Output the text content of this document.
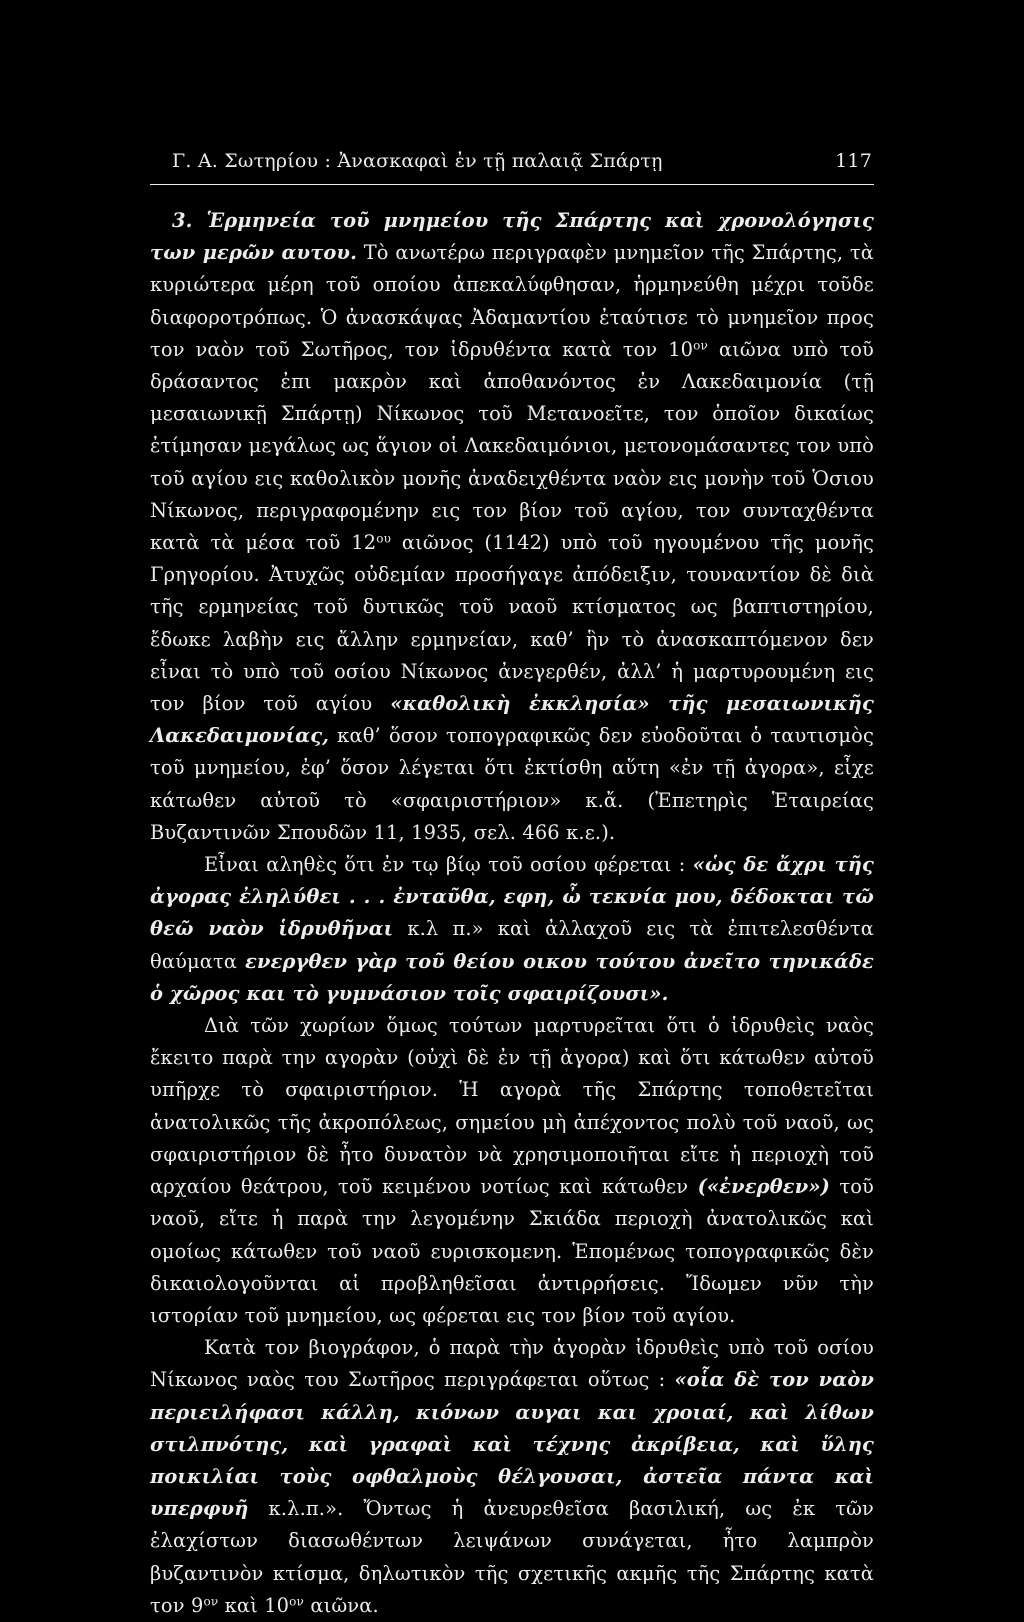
Γ. Α. Σωτηρίου : Ἀνασκαφαὶ ἐν τῇ παλαιᾷ Σπάρτῃ	117

3. Ἑρμηνεία τοῦ μνημείου τῆς Σπάρτης καὶ χρονολόγησις των μερῶν αυτου. Τὸ ανωτέρω περιγραφὲν μνημεῖον τῆς Σπάρτης, τὰ κυριώτερα μέρη τοῦ οποίου ἀπεκαλύφθησαν, ἡρμηνεύθη μέχρι τοῦδε διαφοροτρόπως. Ὁ ἀνασκάψας Ἀδαμαντίου ἐταύτισε τὸ μνημεῖον προς τον ναὸν τοῦ Σωτῆρος, τον ἱδρυθέντα κατὰ τον $10^{o\nu}$ αιῶνα υπὸ τοῦ δράσαντος ἐπι μακρὸν καὶ ἀποθανόντος ἐν Λακεδαιμονία (τῇ μεσαιωνικῇ Σπάρτῃ) Νίκωνος τοῦ Μετανοεῖτε, τον ὁποῖον δικαίως ἐτίμησαν μεγάλως ως ἅγιον οἱ Λακεδαιμόνιοι, μετονομάσαντες τον υπὸ τοῦ αγίου εις καθολικὸν μονῆς ἀναδειχθέντα ναὸν εις μονὴν τοῦ Ὁσιου Νίκωνος, περιγραφομένην εις τον βίον τοῦ αγίου, τον συνταχθέντα κατὰ τὰ μέσα τοῦ $12^{o\upsilon}$ αιῶνος (1142) υπὸ τοῦ ηγουμένου τῆς μονῆς Γρηγορίου. Ἀτυχῶς οὐδεμίαν προσήγαγε ἀπόδειξιν, τουναντίον δὲ διὰ τῆς ερμηνείας τοῦ δυτικῶς τοῦ ναοῦ κτίσματος ως βαπτιστηρίου, ἔδωκε λαβὴν εις ἄλλην ερμηνείαν, καθ’ ἣν τὸ ἀνασκαπτόμενον δεν εἶναι τὸ υπὸ τοῦ οσίου Νίκωνος ἀνεγερθέν, ἀλλ’ ἡ μαρτυρουμένη εις τον βίον τοῦ αγίου «καθολικὴ ἐκκλησία» τῆς μεσαιωνικῆς Λακεδαιμονίας, καθ’ ὅσον τοπογραφικῶς δεν εὐοδοῦται ὁ ταυτισμὸς τοῦ μνημείου, ἐφ’ ὅσον λέγεται ὅτι ἐκτίσθη αὕτη «ἐν τῇ ἀγορα», εἶχε κάτωθεν αὐτοῦ τὸ «σφαιριστήριον» κ.ἄ. (Ἐπετηρὶς Ἑταιρείας Βυζαντινῶν Σπουδῶν 11, 1935, σελ. 466 κ.ε.).

Εἶναι αληθὲς ὅτι ἐν τῳ βίῳ τοῦ οσίου φέρεται : «ὡς δε ἄχρι τῆς ἀγορας ἐληλύθει . . . ἐνταῦθα, εφη, ὦ τεκνία μου, δέδοκται τῶ θεῶ ναὸν ἱδρυθῆναι κ.λ π.» καὶ ἀλλαχοῦ εις τὰ ἐπιτελεσθέντα θαύματα ενεργθεν γὰρ τοῦ θείου οικου τούτου ἀνεῖτο τηνικάδε ὁ χῶρος και τὸ γυμνάσιον τοῖς σφαιρίζουσι».

Διὰ τῶν χωρίων ὅμως τούτων μαρτυρεῖται ὅτι ὁ ἱδρυθεὶς ναὸς ἔκειτο παρὰ την αγορὰν (οὐχὶ δὲ ἐν τῇ ἀγορα) καὶ ὅτι κάτωθεν αὐτοῦ υπῆρχε τὸ σφαιριστήριον. Ἡ αγορὰ τῆς Σπάρτης τοποθετεῖται ἀνατολικῶς τῆς ἀκροπόλεως, σημείου μὴ ἀπέχοντος πολὺ τοῦ ναοῦ, ως σφαιριστήριον δὲ ἦτο δυνατὸν νὰ χρησιμοποιῆται εἴτε ἡ περιοχὴ τοῦ αρχαίου θεάτρου, τοῦ κειμένου νοτίως καὶ κάτωθεν («ἐνερθεν») τοῦ ναοῦ, εἴτε ἡ παρὰ την λεγομένην Σκιάδα περιοχὴ ἀνατολικῶς καὶ ομοίως κάτωθεν τοῦ ναοῦ ευρισκομενη. Ἑπομένως τοπογραφικῶς δὲν δικαιολογοῦνται αἱ προβληθεῖσαι ἀντιρρήσεις. Ἴδωμεν νῦν τὴν ιστορίαν τοῦ μνημείου, ως φέρεται εις τον βίον τοῦ αγίου.

Κατὰ τον βιογράφον, ὁ παρὰ τὴν ἀγορὰν ἱδρυθεὶς υπὸ τοῦ οσίου Νίκωνος ναὸς του Σωτῆρος περιγράφεται οὕτως : «οἷα δὲ τον ναὸν περιειλήφασι κάλλη, κιόνων αυγαι και χροιαί, καὶ λίθων στιλπνότης, καὶ γραφαὶ καὶ τέχνης ἀκρίβεια, καὶ ὕλης ποικιλίαι τοὺς οφθαλμοὺς θέλγουσαι, ἀστεῖα πάντα καὶ υπερφυῆ κ.λ.π.». Ὄντως ἡ ἀνευρεθεῖσα βασιλική, ως ἐκ τῶν ἐλαχίστων διασωθέντων λειψάνων συνάγεται, ἦτο λαμπρὸν βυζαντινὸν κτίσμα, δηλωτικὸν τῆς σχετικῆς ακμῆς τῆς Σπάρτης κατὰ τον $9^{o\nu}$ καὶ $10^{o\nu}$ αιῶνα.
